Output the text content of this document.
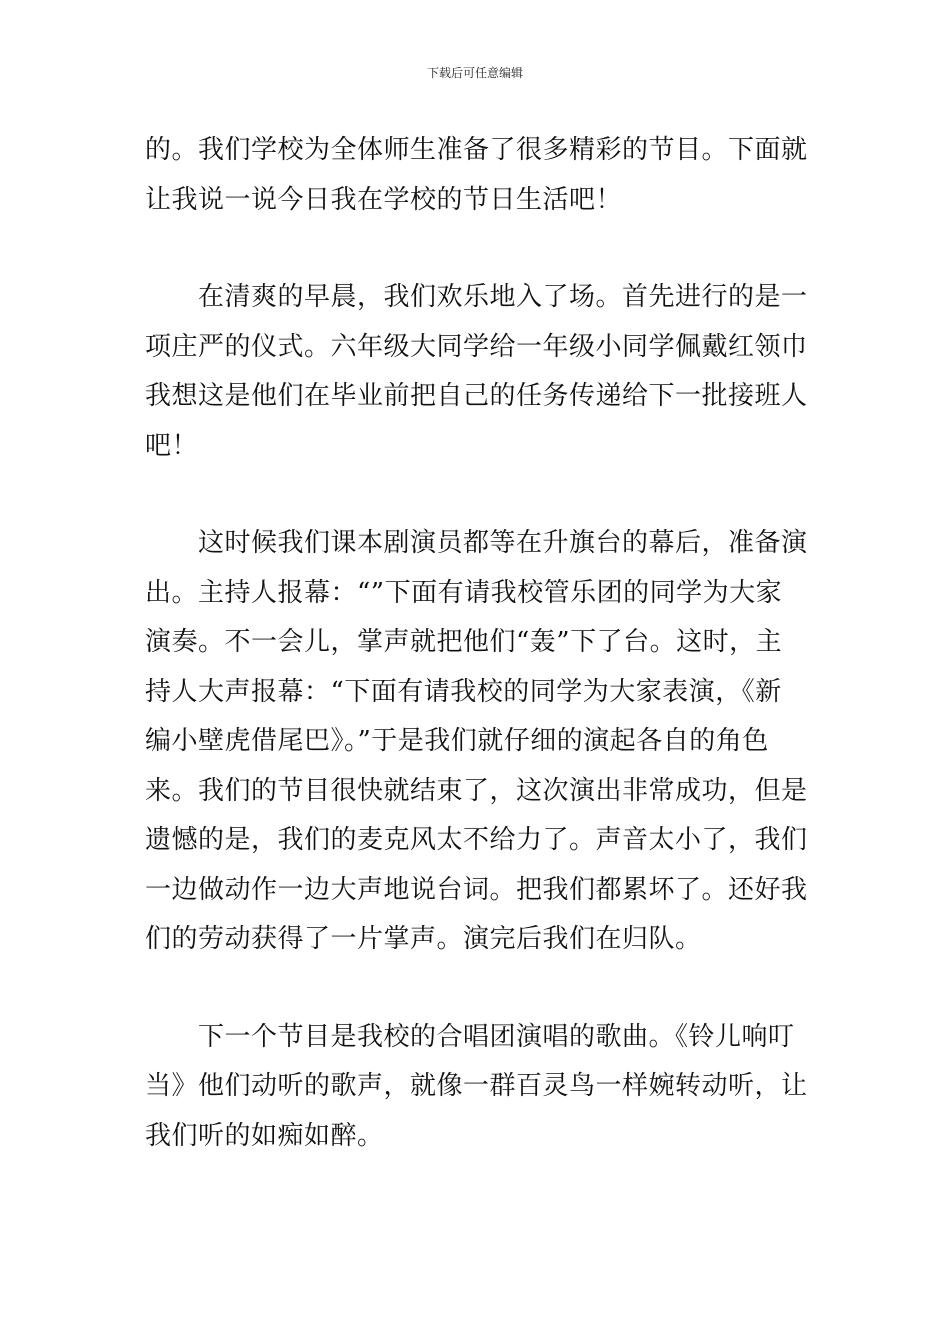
下载后可任意编辑

的。我们学校为全体师生准备了很多精彩的节目。下面就
让我说一说今日我在学校的节日生活吧！

在清爽的早晨，我们欢乐地入了场。首先进行的是一
项庄严的仪式。六年级大同学给一年级小同学佩戴红领巾
我想这是他们在毕业前把自己的任务传递给下一批接班人
吧！

这时候我们课本剧演员都等在升旗台的幕后，准备演
出。主持人报幕：“”下面有请我校管乐团的同学为大家
演奏。不一会儿，掌声就把他们“轰”下了台。这时，主
持人大声报幕：“下面有请我校的同学为大家表演，《新
编小壁虎借尾巴》。”于是我们就仔细的演起各自的角色
来。我们的节目很快就结束了，这次演出非常成功，但是
遗憾的是，我们的麦克风太不给力了。声音太小了，我们
一边做动作一边大声地说台词。把我们都累坏了。还好我
们的劳动获得了一片掌声。演完后我们在归队。

下一个节目是我校的合唱团演唱的歌曲。《铃儿响叮
当》他们动听的歌声，就像一群百灵鸟一样婉转动听，让
我们听的如痴如醉。
